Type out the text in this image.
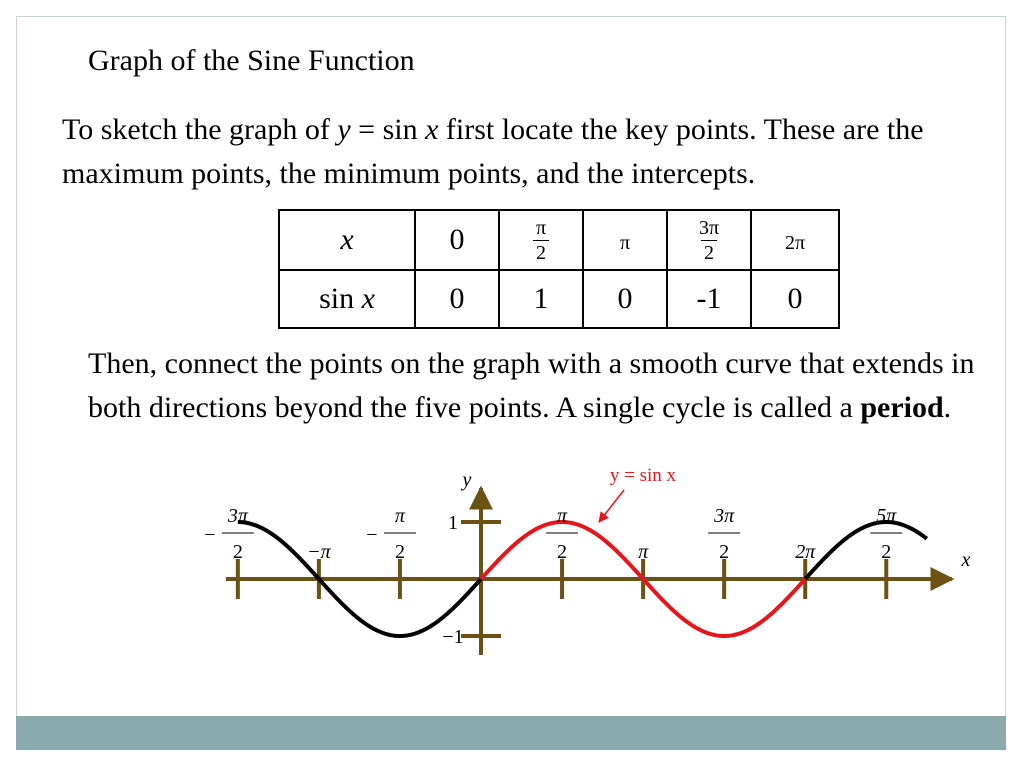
Graph of the Sine Function
To sketch the graph of y = sin x first locate the key points. These are the maximum points, the minimum points, and the intercepts.
x	0	$\frac{\pi}{2}$	π	$\frac{3\pi}{2}$	2π
sin x	0	1	0	-1	0
Then, connect the points on the graph with a smooth curve that extends in both directions beyond the five points. A single cycle is called a period.
3π
2
−
−π
π
2
−
π
2	π
3π
2	2π
5π
2
1
−1
x
y	y = sin x
